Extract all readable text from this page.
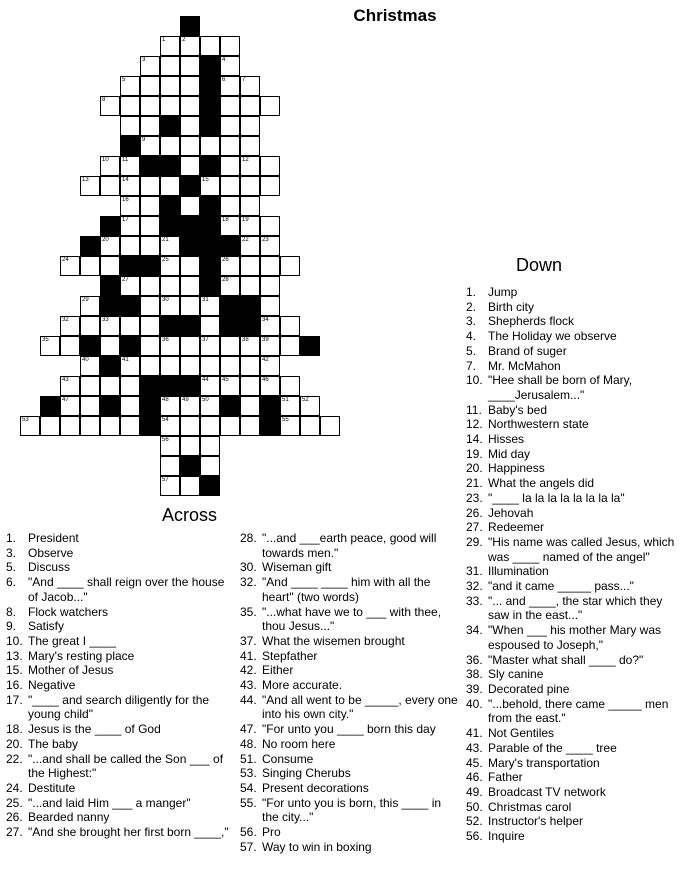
Christmas
1	2
3	4
5	6	7
8
9
10 11	12
13	14	15
16
17	18 19
20	21	22 23
24	25	26
27	28
29	30	31
32	33	34
35	36	37	38 39
40	41	42
43	44 45	46
47	48 49 50	51 52
53	54	55
56
57
Across
Down
1. President
3. Observe
5. Discuss
6. "And ____ shall reign over the house of Jacob..."
8. Flock watchers
9. Satisfy
10. The great I ____
13. Mary's resting place
15. Mother of Jesus
16. Negative
17. "____ and search diligently for the young child"
18. Jesus is the ____ of God
20. The baby
22. "...and shall be called the Son ___ of the Highest:"
24. Destitute
25. "...and laid Him ___ a manger"
26. Bearded nanny
27. "And she brought her first born ____,"
28. "...and ___earth peace, good will towards men."
30. Wiseman gift
32. "And ____ ____ him with all the heart" (two words)
35. "...what have we to ___ with thee, thou Jesus..."
37. What the wisemen brought
41. Stepfather
42. Either
43. More accurate.
44. "And all went to be _____, every one into his own city."
47. "For unto you ____ born this day
48. No room here
51. Consume
53. Singing Cherubs
54. Present decorations
55. "For unto you is born, this ____ in the city..."
56. Pro
57. Way to win in boxing
1. Jump
2. Birth city
3. Shepherds flock
4. The Holiday we observe
5. Brand of suger
7. Mr. McMahon
10. "Hee shall be born of Mary, ____Jerusalem..."
11. Baby's bed
12. Northwestern state
14. Hisses
19. Mid day
20. Happiness
21. What the angels did
23. "____ la la la la la la la la"
26. Jehovah
27. Redeemer
29. "His name was called Jesus, which was ____ named of the angel"
31. Illumination
32. "and it came _____ pass..."
33. "... and ____, the star which they saw in the east..."
34. "When ___ his mother Mary was espoused to Joseph,"
36. "Master what shall ____ do?"
38. Sly canine
39. Decorated pine
40. "...behold, there came _____ men from the east."
41. Not Gentiles
43. Parable of the ____ tree
45. Mary's transportation
46. Father
49. Broadcast TV network
50. Christmas carol
52. Instructor's helper
56. Inquire
